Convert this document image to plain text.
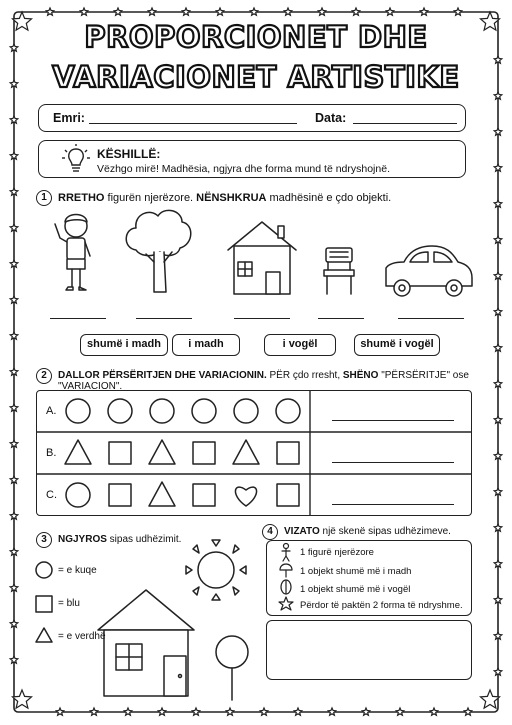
PROPORCIONET DHE
VARIACIONET ARTISTIKE
Emri:	Data:
KËSHILLË:
Vëzhgo mirë! Madhësia, ngjyra dhe forma mund të ndryshojnë.
1	RRETHO figurën njerëzore. NËNSHKRUA madhësinë e çdo objekti.
shumë i madh	i madh	i vogël	shumë i vogël
2	DALLOR PËRSËRITJEN DHE VARIACIONIN. PËR çdo rresht, SHËNO "PËRSËRITJE" ose "VARIACION".
A.
B.
C.
3	NGJYROS sipas udhëzimit.
= e kuqe
= blu
= e verdhë
4	VIZATO një skenë sipas udhëzimeve.
1 figurë njerëzore
1 objekt shumë më i madh
1 objekt shumë më i vogël
Përdor të paktën 2 forma të ndryshme.
